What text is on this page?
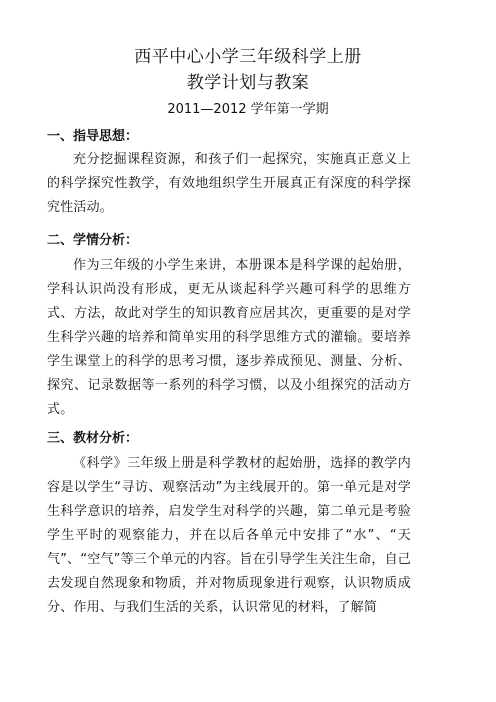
西平中心小学三年级科学上册
教学计划与教案
2011—2012 学年第一学期
一、指导思想：
充分挖掘课程资源，和孩子们一起探究，实施真正意义上的科学探究性教学，有效地组织学生开展真正有深度的科学探究性活动。
二、学情分析：
作为三年级的小学生来讲，本册课本是科学课的起始册，学科认识尚没有形成，更无从谈起科学兴趣可科学的思维方式、方法，故此对学生的知识教育应居其次，更重要的是对学生科学兴趣的培养和简单实用的科学思维方式的灌输。要培养学生课堂上的科学的思考习惯，逐步养成预见、测量、分析、探究、记录数据等一系列的科学习惯，以及小组探究的活动方式。
三、教材分析：
《科学》三年级上册是科学教材的起始册，选择的教学内容是以学生“寻访、观察活动”为主线展开的。第一单元是对学生科学意识的培养，启发学生对科学的兴趣，第二单元是考验学生平时的观察能力，并在以后各单元中安排了“水”、“天气”、“空气”等三个单元的内容。旨在引导学生关注生命，自己去发现自然现象和物质，并对物质现象进行观察，认识物质成分、作用、与我们生活的关系，认识常见的材料，了解简
